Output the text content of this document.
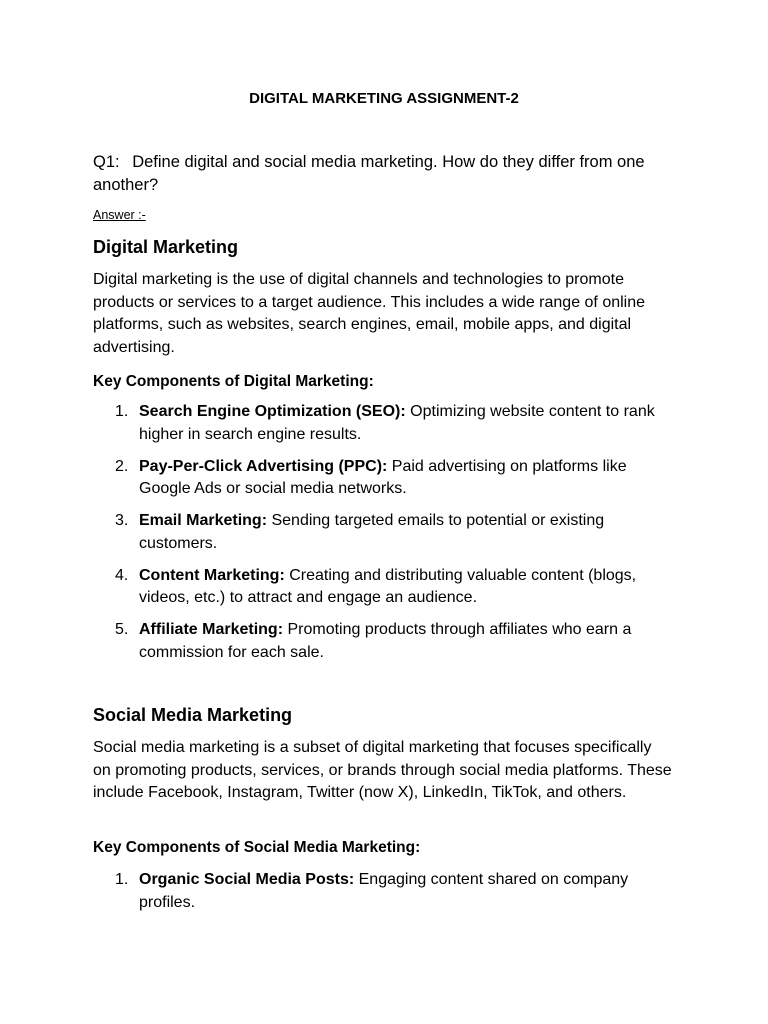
DIGITAL MARKETING ASSIGNMENT-2
Q1: Define digital and social media marketing. How do they differ from one another?
Answer :-
Digital Marketing
Digital marketing is the use of digital channels and technologies to promote products or services to a target audience. This includes a wide range of online platforms, such as websites, search engines, email, mobile apps, and digital advertising.
Key Components of Digital Marketing:
1. Search Engine Optimization (SEO): Optimizing website content to rank higher in search engine results.
2. Pay-Per-Click Advertising (PPC): Paid advertising on platforms like Google Ads or social media networks.
3. Email Marketing: Sending targeted emails to potential or existing customers.
4. Content Marketing: Creating and distributing valuable content (blogs, videos, etc.) to attract and engage an audience.
5. Affiliate Marketing: Promoting products through affiliates who earn a commission for each sale.
Social Media Marketing
Social media marketing is a subset of digital marketing that focuses specifically on promoting products, services, or brands through social media platforms. These include Facebook, Instagram, Twitter (now X), LinkedIn, TikTok, and others.
Key Components of Social Media Marketing:
1. Organic Social Media Posts: Engaging content shared on company profiles.
